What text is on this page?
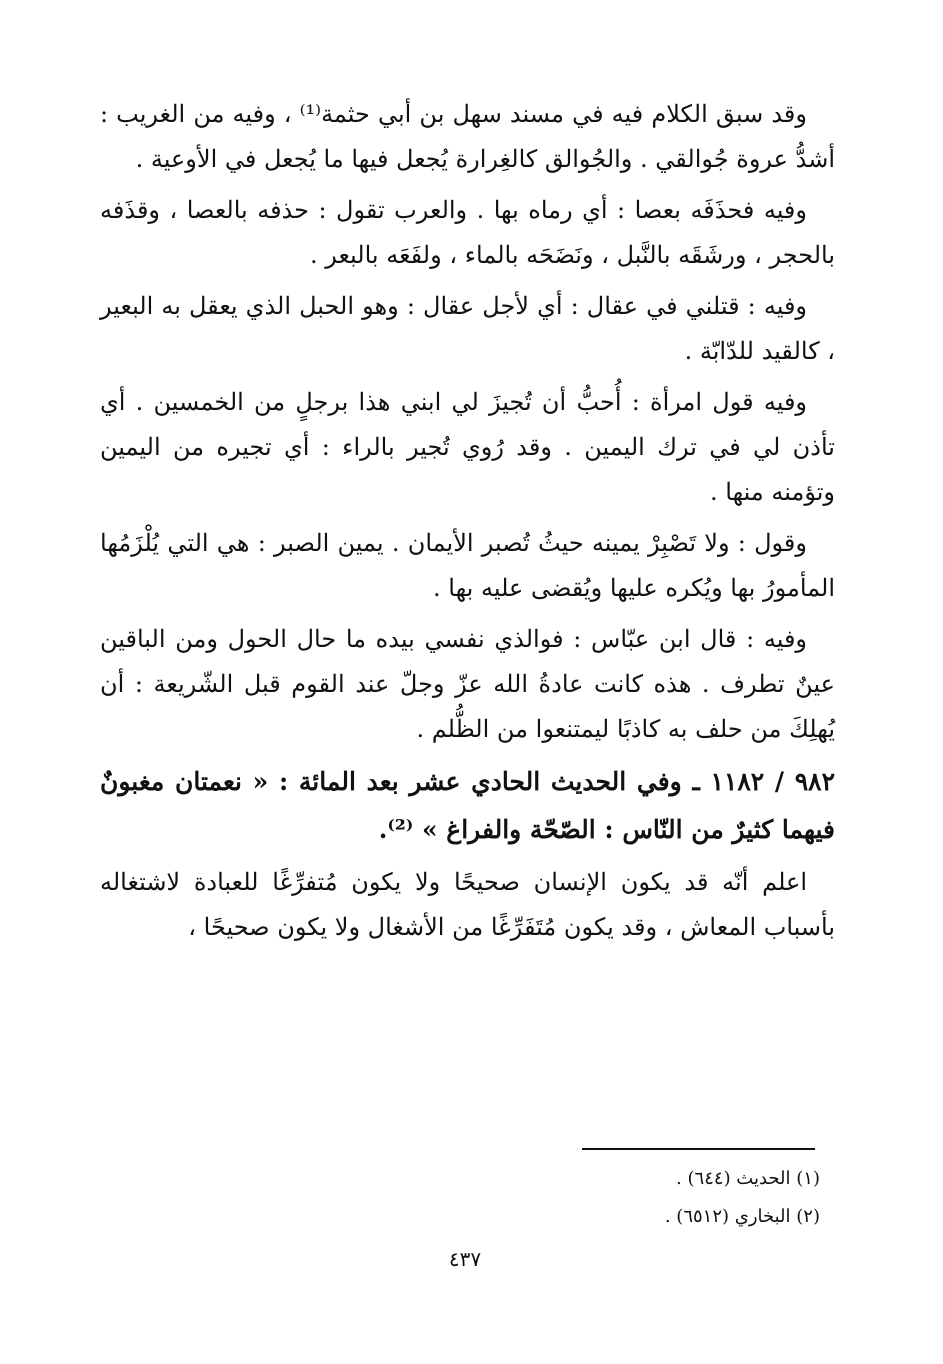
وقد سبق الكلام فيه في مسند سهل بن أبي حثمة⁽¹⁾ ، وفيه من الغريب : أشدُّ عروة جُوالقي . والجُوالق كالغِرارة يُجعل فيها ما يُجعل في الأوعية .

وفيه فحذَفَه بعصا : أي رماه بها . والعرب تقول : حذفه بالعصا ، وقذَفه بالحجر ، ورشَقَه بالنَّبل ، ونَضَحَه بالماء ، ولفَعَه بالبعر .

وفيه : قتلني في عقال : أي لأجل عقال : وهو الحبل الذي يعقل به البعير ، كالقيد للدّابّة .

وفيه قول امرأة : أُحبُّ أن تُجيزَ لي ابني هذا برجلٍ من الخمسين . أي تأذن لي في ترك اليمين . وقد رُوي تُجير بالراء : أي تجيره من اليمين وتؤمنه منها .

وقول : ولا تَصْبِرْ يمينه حيثُ تُصبر الأيمان . يمين الصبر : هي التي يُلْزَمُها المأمورُ بها ويُكره عليها ويُقضى عليه بها .

وفيه : قال ابن عبّاس : فوالذي نفسي بيده ما حال الحول ومن الباقين عينٌ تطرف . هذه كانت عادةُ الله عزّ وجلّ عند القوم قبل الشّريعة : أن يُهلِكَ من حلف به كاذبًا ليمتنعوا من الظُّلم .

٩٨٢ / ١١٨٢ ـ وفي الحديث الحادي عشر بعد المائة : « نعمتان مغبونٌ فيهما كثيرٌ من النّاس : الصّحّة والفراغ » ⁽²⁾.

اعلم أنّه قد يكون الإنسان صحيحًا ولا يكون مُتفرِّغًا للعبادة لاشتغاله بأسباب المعاش ، وقد يكون مُتَفَرِّغًا من الأشغال ولا يكون صحيحًا ،

(١) الحديث (٦٤٤) .

(٢) البخاري (٦٥١٢) .

٤٣٧
